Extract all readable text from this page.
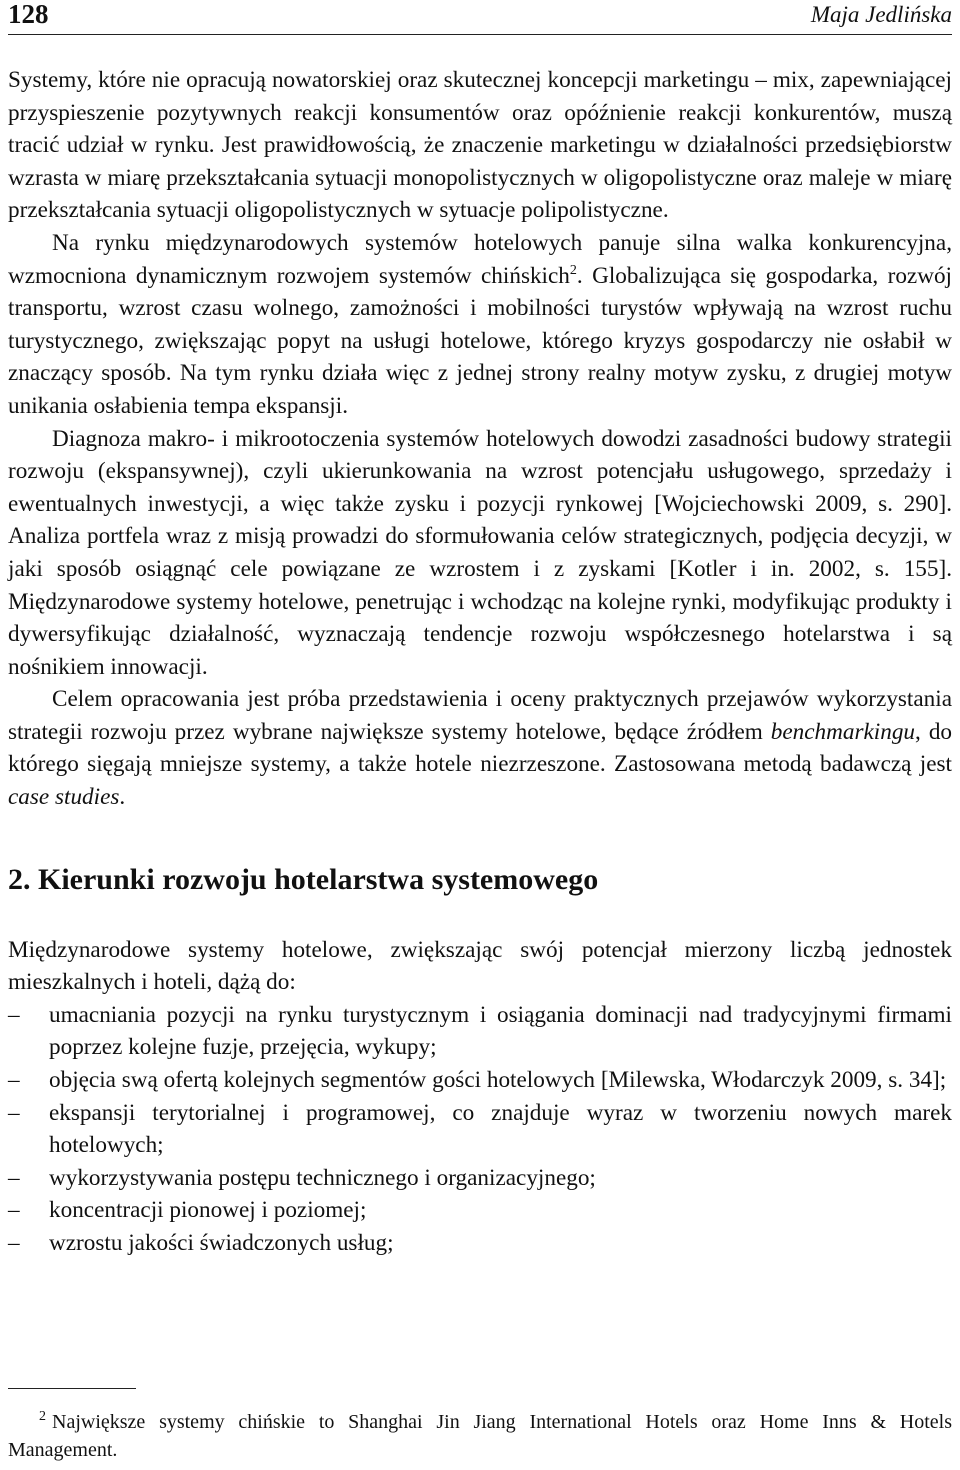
128	Maja Jedlińska

Systemy, które nie opracują nowatorskiej oraz skutecznej koncepcji marketingu – mix, zapewniającej przyspieszenie pozytywnych reakcji konsumentów oraz opóźnienie reakcji konkurentów, muszą tracić udział w rynku. Jest prawidłowością, że znaczenie marketingu w działalności przedsiębiorstw wzrasta w miarę przekształcania sytuacji monopolistycznych w oligopolistyczne oraz maleje w miarę przekształcania sytuacji oligopolistycznych w sytuacje polipolistyczne.

Na rynku międzynarodowych systemów hotelowych panuje silna walka konkurencyjna, wzmocniona dynamicznym rozwojem systemów chińskich$^2$. Globalizująca się gospodarka, rozwój transportu, wzrost czasu wolnego, zamożności i mobilności turystów wpływają na wzrost ruchu turystycznego, zwiększając popyt na usługi hotelowe, którego kryzys gospodarczy nie osłabił w znaczący sposób. Na tym rynku działa więc z jednej strony realny motyw zysku, z drugiej motyw unikania osłabienia tempa ekspansji.

Diagnoza makro- i mikrootoczenia systemów hotelowych dowodzi zasadności budowy strategii rozwoju (ekspansywnej), czyli ukierunkowania na wzrost potencjału usługowego, sprzedaży i ewentualnych inwestycji, a więc także zysku i pozycji rynkowej [Wojciechowski 2009, s. 290]. Analiza portfela wraz z misją prowadzi do sformułowania celów strategicznych, podjęcia decyzji, w jaki sposób osiągnąć cele powiązane ze wzrostem i z zyskami [Kotler i in. 2002, s. 155]. Międzynarodowe systemy hotelowe, penetrując i wchodząc na kolejne rynki, modyfikując produkty i dywersyfikując działalność, wyznaczają tendencje rozwoju współczesnego hotelarstwa i są nośnikiem innowacji.

Celem opracowania jest próba przedstawienia i oceny praktycznych przejawów wykorzystania strategii rozwoju przez wybrane największe systemy hotelowe, będące źródłem benchmarkingu, do którego sięgają mniejsze systemy, a także hotele niezrzeszone. Zastosowana metodą badawczą jest case studies.

2. Kierunki rozwoju hotelarstwa systemowego

Międzynarodowe systemy hotelowe, zwiększając swój potencjał mierzony liczbą jednostek mieszkalnych i hoteli, dążą do:

– umacniania pozycji na rynku turystycznym i osiągania dominacji nad tradycyjnymi firmami poprzez kolejne fuzje, przejęcia, wykupy;
– objęcia swą ofertą kolejnych segmentów gości hotelowych [Milewska, Włodarczyk 2009, s. 34];
– ekspansji terytorialnej i programowej, co znajduje wyraz w tworzeniu nowych marek hotelowych;
– wykorzystywania postępu technicznego i organizacyjnego;
– koncentracji pionowej i poziomej;
– wzrostu jakości świadczonych usług;
2 Największe systemy chińskie to Shanghai Jin Jiang International Hotels oraz Home Inns & Hotels Management.
